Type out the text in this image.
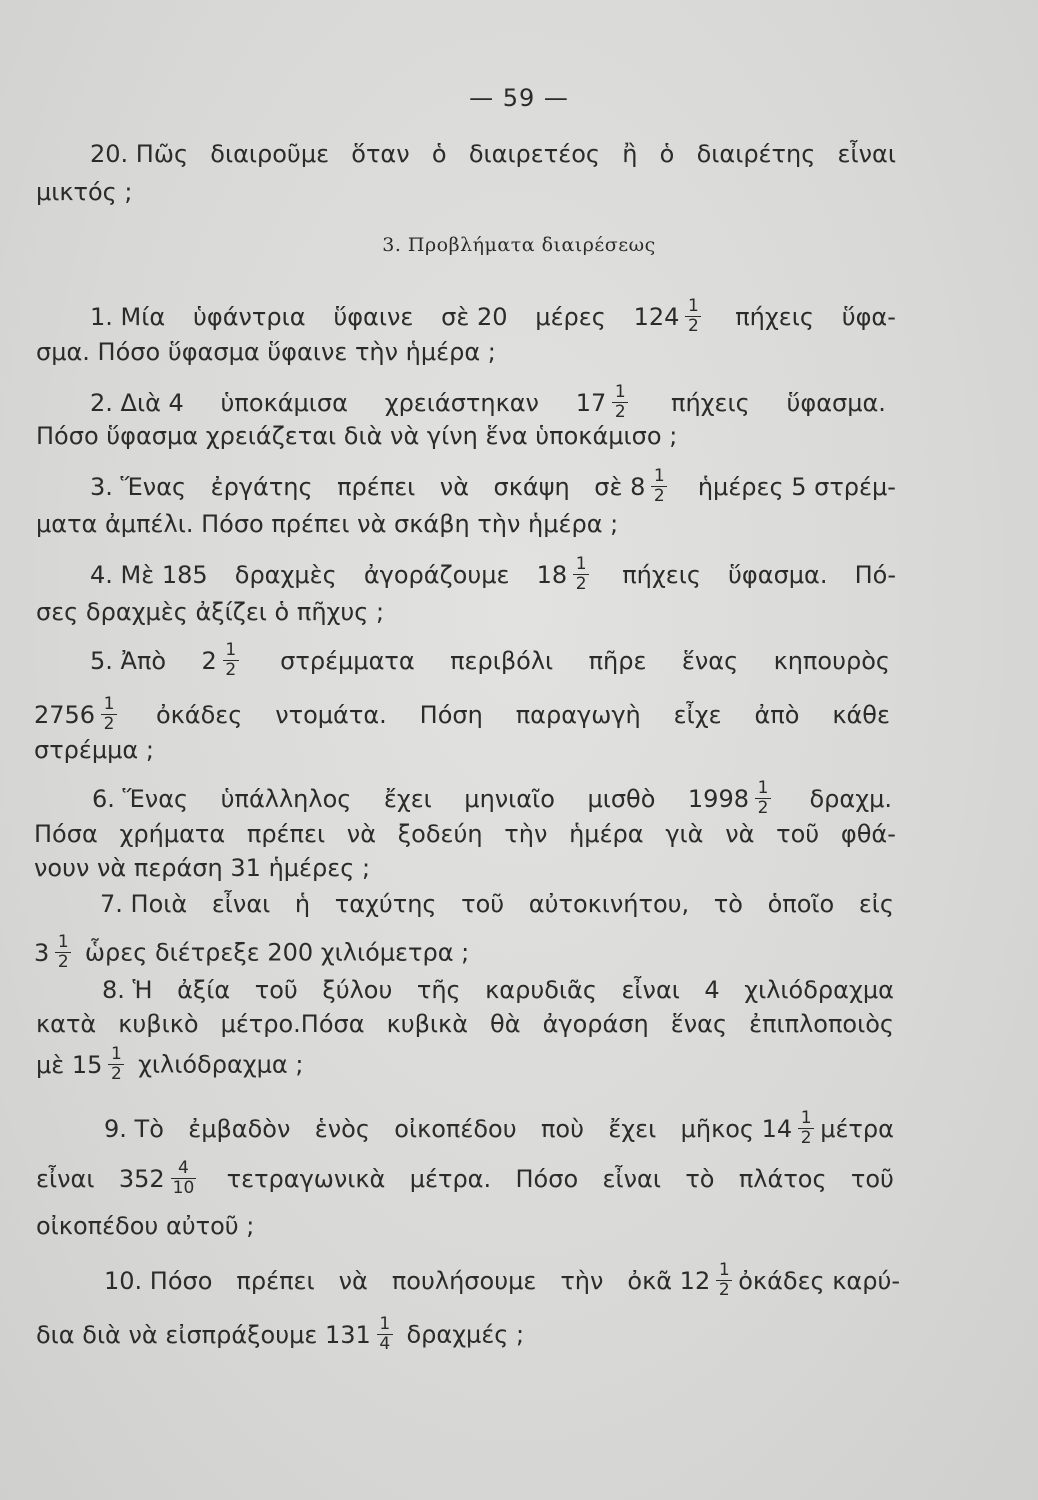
— 59 —
20. Πῶς διαιροῦμε ὅταν ὁ διαιρετέος ἢ ὁ διαιρέτης εἶναι
μικτός ;
3. Προβλήματα διαιρέσεως
1. Μία ὑφάντρια ὕφαινε σὲ 20 μέρες $124 \frac{1}{2}$ πήχεις ὕφα-
σμα. Πόσο ὕφασμα ὕφαινε τὴν ἡμέρα ;
2. Διὰ 4 ὑποκάμισα χρειάστηκαν $17 \frac{1}{2}$ πήχεις ὕφασμα.
Πόσο ὕφασμα χρειάζεται διὰ νὰ γίνη ἕνα ὑποκάμισο ;
3. Ἕνας ἐργάτης πρέπει νὰ σκάψη σὲ $8 \frac{1}{2}$ ἡμέρες 5 στρέμ-
ματα ἀμπέλι. Πόσο πρέπει νὰ σκάβη τὴν ἡμέρα ;
4. Μὲ 185 δραχμὲς ἀγοράζουμε $18 \frac{1}{2}$ πήχεις ὕφασμα. Πό-
σες δραχμὲς ἀξίζει ὁ πῆχυς ;
5. Ἀπὸ $2 \frac{1}{2}$ στρέμματα περιβόλι πῆρε ἕνας κηπουρὸς
$2756 \frac{1}{2}$ ὀκάδες ντομάτα. Πόση παραγωγὴ εἶχε ἀπὸ κάθε
στρέμμα ;
6. Ἕνας ὑπάλληλος ἔχει μηνιαῖο μισθὸ $1998 \frac{1}{2} \delta\rho\alpha\chi\mu$.
Πόσα χρήματα πρέπει νὰ ξοδεύη τὴν ἡμέρα γιὰ νὰ τοῦ φθά-
νουν νὰ περάση 31 ἡμέρες ;
7. Ποιὰ εἶναι ἡ ταχύτης τοῦ αὐτοκινήτου, τὸ ὁποῖο εἰς
$3 \frac{1}{2}$ ὧρες διέτρεξε 200 χιλιόμετρα ;
8. Ἡ ἀξία τοῦ ξύλου τῆς καρυδιᾶς εἶναι 4 χιλιόδραχμα
κατὰ κυβικὸ μέτρο.Πόσα κυβικὰ θὰ ἀγοράση ἕνας ἐπιπλοποιὸς
μὲ $15 \frac{1}{2}$ χιλιόδραχμα ;
9. Τὸ ἐμβαδὸν ἑνὸς οἰκοπέδου ποὺ ἔχει μῆκος $14 \frac{1}{2}$ μέτρα
εἶναι $352 \frac{4}{10}$ τετραγωνικὰ μέτρα. Πόσο εἶναι τὸ πλάτος τοῦ
οἰκοπέδου αὐτοῦ ;
10. Πόσο πρέπει νὰ πουλήσουμε τὴν ὀκᾶ $12 \frac{1}{2}$ ὀκάδες καρύ-
δια διὰ νὰ εἰσπράξουμε $131 \frac{1}{4}$ δραχμές ;
